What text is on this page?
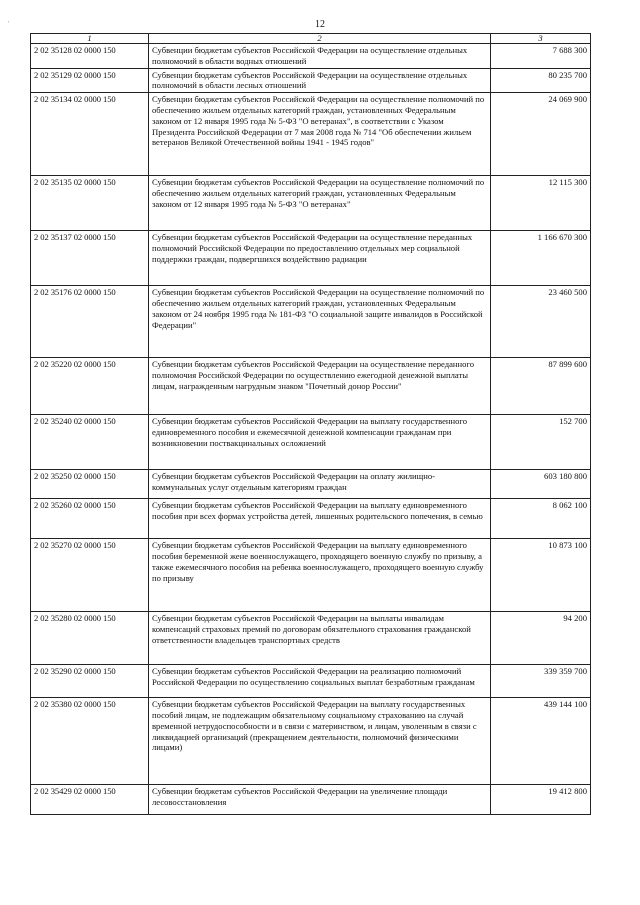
'	12
1	2	3
2 02 35128 02 0000 150	Субвенции бюджетам субъектов Российской Федерации на осуществление отдельных полномочий в области водных отношений	7 688 300
2 02 35129 02 0000 150	Субвенции бюджетам субъектов Российской Федерации на осуществление отдельных полномочий в области лесных отношений	80 235 700
2 02 35134 02 0000 150	Субвенции бюджетам субъектов Российской Федерации на осуществление полномочий по обеспечению жильем отдельных категорий граждан, установленных Федеральным законом от 12 января 1995 года № 5-ФЗ "О ветеранах", в соответствии с Указом Президента Российской Федерации от 7 мая 2008 года № 714 "Об обеспечении жильем ветеранов Великой Отечественной войны 1941 - 1945 годов"	24 069 900
2 02 35135 02 0000 150	Субвенции бюджетам субъектов Российской Федерации на осуществление полномочий по обеспечению жильем отдельных категорий граждан, установленных Федеральным законом от 12 января 1995 года № 5-ФЗ "О ветеранах"	12 115 300
2 02 35137 02 0000 150	Субвенции бюджетам субъектов Российской Федерации на осуществление переданных полномочий Российской Федерации по предоставлению отдельных мер социальной поддержки граждан, подвергшихся воздействию радиации	1 166 670 300
2 02 35176 02 0000 150	Субвенции бюджетам субъектов Российской Федерации на осуществление полномочий по обеспечению жильем отдельных категорий граждан, установленных Федеральным законом от 24 ноября 1995 года № 181-ФЗ "О социальной защите инвалидов в Российской Федерации"	23 460 500
2 02 35220 02 0000 150	Субвенции бюджетам субъектов Российской Федерации на осуществление переданного полномочия Российской Федерации по осуществлению ежегодной денежной выплаты лицам, награжденным нагрудным знаком "Почетный донор России"	87 899 600
2 02 35240 02 0000 150	Субвенции бюджетам субъектов Российской Федерации на выплату государственного единовременного пособия и ежемесячной денежной компенсации гражданам при возникновении поствакцинальных осложнений	152 700
2 02 35250 02 0000 150	Субвенции бюджетам субъектов Российской Федерации на оплату жилищно-коммунальных услуг отдельным категориям граждан	603 180 800
2 02 35260 02 0000 150	Субвенции бюджетам субъектов Российской Федерации на выплату единовременного пособия при всех формах устройства детей, лишенных родительского попечения, в семью	8 062 100
2 02 35270 02 0000 150	Субвенции бюджетам субъектов Российской Федерации на выплату единовременного пособия беременной жене военнослужащего, проходящего военную службу по призыву, а также ежемесячного пособия на ребенка военнослужащего, проходящего военную службу по призыву	10 873 100
2 02 35280 02 0000 150	Субвенции бюджетам субъектов Российской Федерации на выплаты инвалидам компенсаций страховых премий по договорам обязательного страхования гражданской ответственности владельцев транспортных средств	94 200
2 02 35290 02 0000 150	Субвенции бюджетам субъектов Российской Федерации на реализацию полномочий Российской Федерации по осуществлению социальных выплат безработным гражданам	339 359 700
2 02 35380 02 0000 150	Субвенции бюджетам субъектов Российской Федерации на выплату государственных пособий лицам, не подлежащим обязательному социальному страхованию на случай временной нетрудоспособности и в связи с материнством, и лицам, уволенным в связи с ликвидацией организаций (прекращением деятельности, полномочий физическими лицами)	439 144 100
2 02 35429 02 0000 150	Субвенции бюджетам субъектов Российской Федерации на увеличение площади лесовосстановления	19 412 800
